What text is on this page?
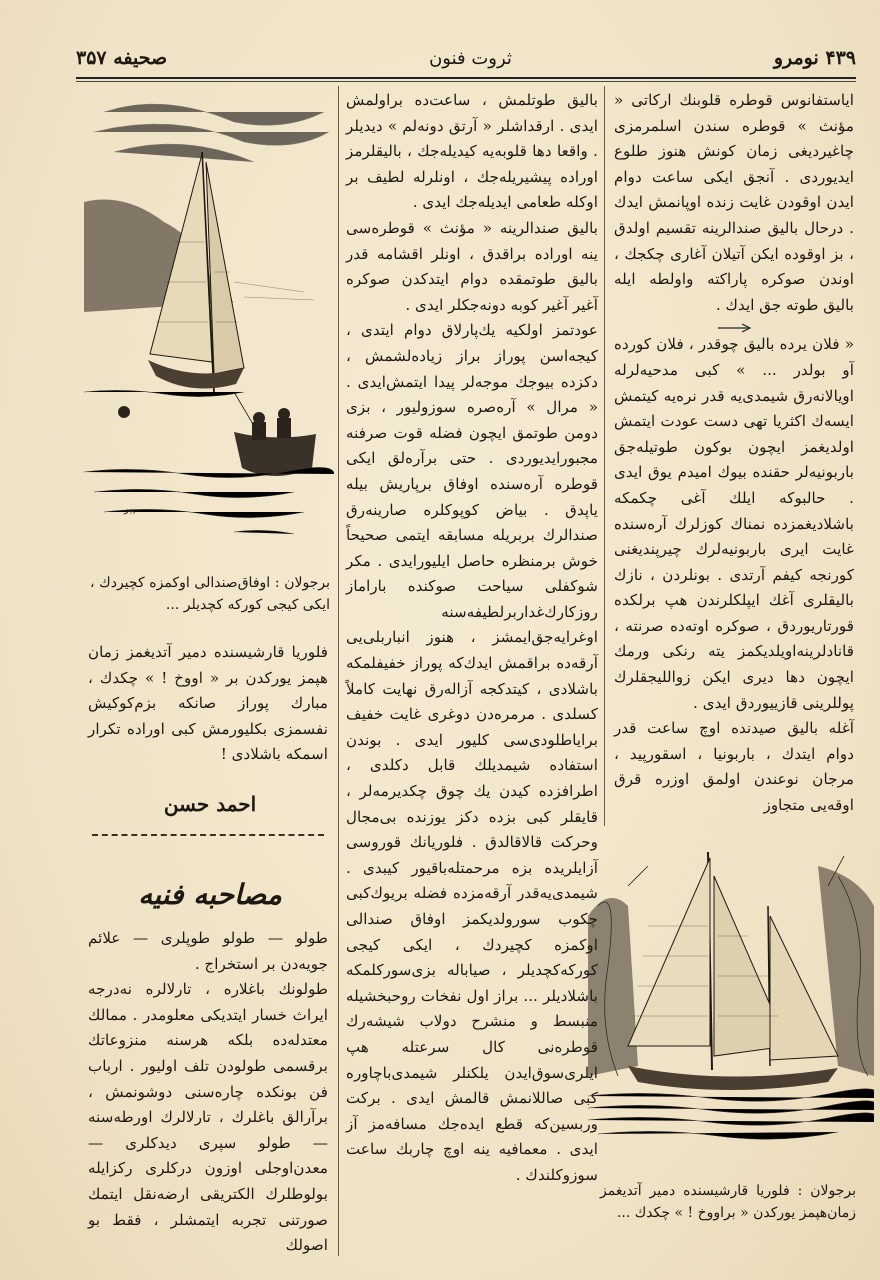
۴۳۹ نومرو
ثروت فنون
صحیفه ۳۵۷

ایاستفانوس قوطره قلوبنك اركاتی « مؤنث » قوطره سندن اسلمرمزی چاغیردیغی زمان كونش هنوز طلوع ایدیوردی . آنجق ایكی ساعت دوام ایدن اوقودن غایت زنده اوپانمش ایدك . درحال بالیق صندالرینه تقسیم اولدق ، بز اوقوده ایكن آتیلان آغاری چكجك ، اوندن صوكره پاراكته واولطه ایله بالیق طوته جق ایدك .

« فلان یرده بالیق چوقدر ، فلان كورده آو بولدر ... » كبی مدحیه‌لرله اویالانه‌رق شیمدی‌یه قدر نره‌یه كیتمش ایسه‌ك اكثریا تهی دست عودت ایتمش اولدیغمز ایچون بوكون طوتیله‌جق باربونیه‌لر حقنده بیوك امیدم یوق ایدی . حالبوكه ایلك آغی چكمكه باشلادیغمزده نمناك كوزلرك آره‌سنده غایت ایری باربونیه‌لرك چیرپندیغنی كورنجه كیفم آرتدی . بونلردن ، نازك باليقلرى آغك ايپلكلرندن هپ برلكده قورتاريوردق ، صوكره اوته‌ده صرنته ، قانادلرينه‌اويلديكمز يته رنكى ورمك ايچون دها ديرى ايكن زواللیجقلرك پوللرینی قازیيوردق ايدى .

آغله بالیق صیدنده اوچ ساعت قدر دوام ایتدك ، باربونیا ، اسقورپید ، مرجان نوعندن اولمق اوزره قرق اوقه‌یی متجاوز

برجولان : فلوریا قارشیسنده دمیر آتدیغمز زمان‌هپمز یوركدن « براووخ ! » چكدك ...

بالیق طوتلمش ، ساعت‌ده براولمش ایدی . ارقداشلر « آرتق دونه‌لم » دیدیلر . واقعا دها قلوبه‌یه كیدیله‌جك ، باليقلرمز اوراده پیشیریله‌جك ، اونلرله لطيف بر اوكله طعامی ایدیله‌جك ایدی .

بالیق صندالرینه « مؤنث » قوطره‌سی ینه اوراده براقدق ، اونلر اقشامه قدر بالیق طوتمقده دوام ایتدكدن صوكره آغیر آغیر كوبه دونه‌جكلر ایدی .

عودتمز اولكیه یك‌پارلاق دوام ایتدی ، كیجه‌اسن پوراز براز زیاده‌لشمش ، دكزده بیوجك موجه‌لر پیدا ایتمش‌ایدی . « مرال » آره‌صره سوزولیور ، بزی دومن طوتمق ایچون فضله قوت صرفنه مجبورایدیوردی . حتی برآره‌لق ایكی قوطره آره‌سنده اوفاق برپاریش بیله یاپدق . بیاض كوپوكلره صارینه‌رق صندالرك بربریله مسابقه ایتمی صحیحاً خوش برمنظره حاصل ایلیورایدی . مكر شوكفلی سیاحت صوكنده باراماز روزكارك‌غداربرلطیفه‌سنه اوغرایه‌جق‌ایمشز ، هنوز انباربلی‌یی آرقه‌ده براقمش ایدك‌كه پوراز خفیفلمكه باشلادی ، كیتدكجه آزاله‌رق نهایت كاملاً كسلدی . مرمره‌دن دوغری غایت خفیف برایاطلودی‌سی كلیور ایدی . بوندن استفاده شیمدیلك قابل دكلدی ، اطرافزده كیدن یك چوق چكدیرمه‌لر ، قایقلر كبی بزده دكز یوزنده بی‌مجال وحركت قالاقالدق . فلوریانك قوروسی آزایلریده بزه مرحمتله‌باقیور كیبدی . شیمدی‌یه‌قدر آرقه‌مزده فضله بریوك‌كبی چكوب سورولدیكمز اوفاق صندالی اوكمزه كچیردك ، ایكی كیجی كوركه‌كچدیلر ، صیاباله بزی‌سوركلمكه باشلادیلر ... براز اول نفخات روحبخشیله منبسط و منشرح دولاب شیشه‌رك قوطره‌نی كال سرعتله هپ ایلری‌سوق‌ایدن یلكنلر شیمدی‌باچاوره كبی صاللانمش قالمش ایدی . بركت وربسین‌كه قطع ایده‌جك مسافه‌مز آز ایدی . معمافیه ینه اوچ چاربك ساعت سوزوكلندك .

پیر
برجولان : اوفاق‌صندالی اوكمزه كچیردك ، ایكی كیجی كوركه كچدیلر ...

فلوریا قارشیسنده دمیر آتدیغمز زمان هپمز یوركدن بر « اووخ ! » چكدك ، مبارك پوراز صانكه بزم‌كوكیش نفسمزی بكلیورمش كبی اوراده تكرار اسمكه باشلادی !

احمد حسن
مصاحبه فنیه

طولو — طولو طوپلری — علائم جویه‌دن بر استخراج .

طولونك باغلاره ، تارلالره نه‌درجه ایراث خسار ایتدیكی معلومدر . ممالك معتدله‌ده بلكه هرسنه منزوعاتك برقسمی طولودن تلف اولیور . ارباب فن بونكده چاره‌سنی دوشونمش ، برآرالق باغلرك ، تارلالرك اورطه‌سنه — طولو سپری دیدكلری — معدن‌اوجلی اوزون دركلری ركزایله بولوطلرك الكتریقی ارضه‌نقل ایتمك صورتنی تجربه ایتمشلر ، فقط بو اصولك
